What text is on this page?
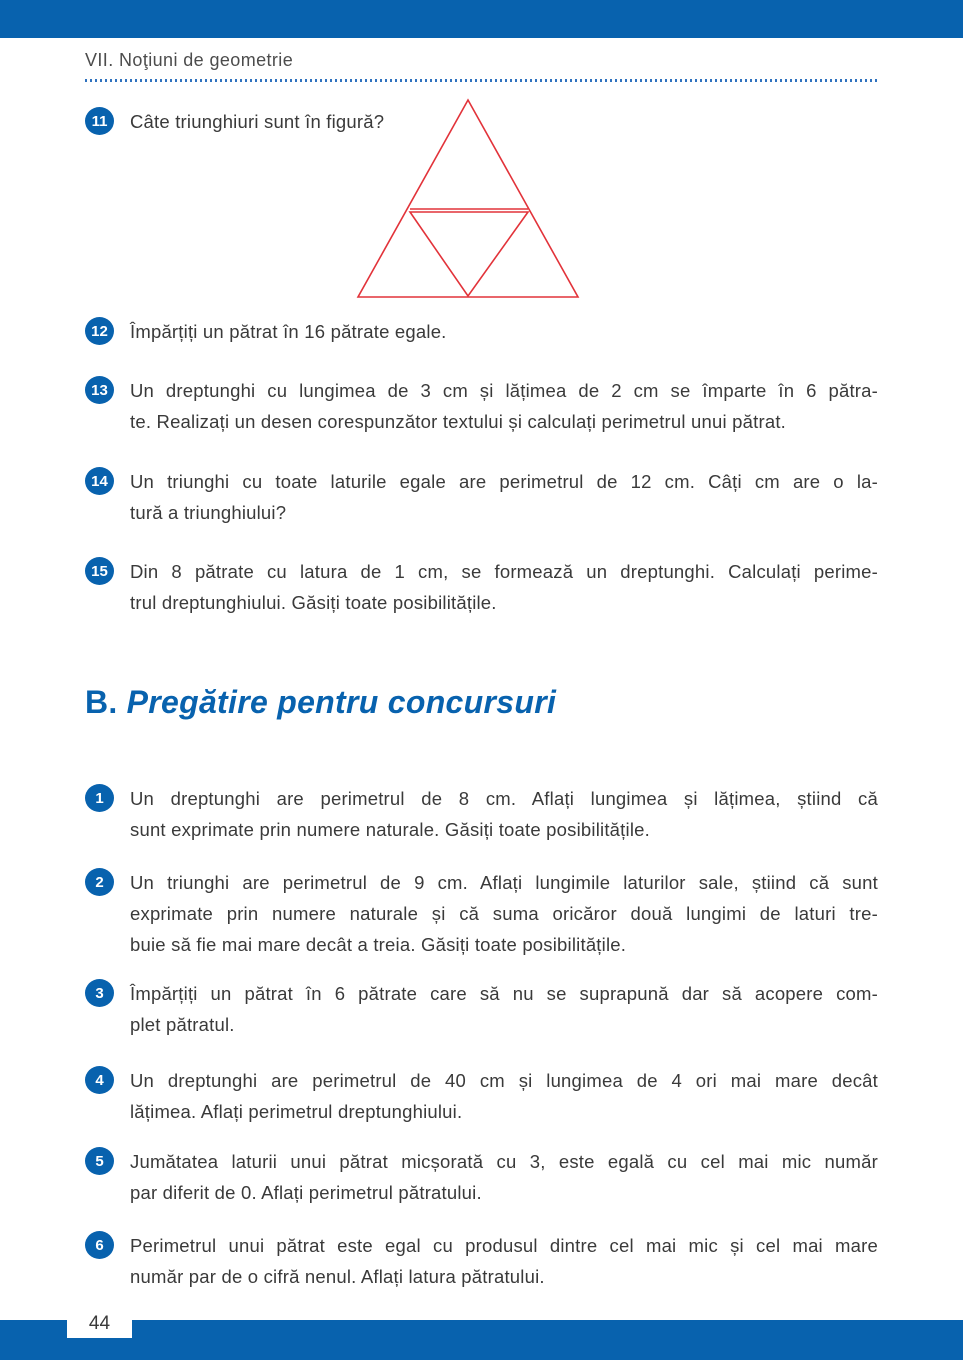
VII. Noţiuni de geometrie
11 Câte triunghiuri sunt în figură?
12 Împărțiți un pătrat în 16 pătrate egale.
13 Un dreptunghi cu lungimea de 3 cm și lățimea de 2 cm se împarte în 6 pătra-
te. Realizați un desen corespunzător textului și calculați perimetrul unui pătrat.
14 Un triunghi cu toate laturile egale are perimetrul de 12 cm. Câți cm are o la-
tură a triunghiului?
15 Din 8 pătrate cu latura de 1 cm, se formează un dreptunghi. Calculați perime-
trul dreptunghiului. Găsiți toate posibilitățile.
B. Pregătire pentru concursuri
1 Un dreptunghi are perimetrul de 8 cm. Aflați lungimea și lățimea, știind că
sunt exprimate prin numere naturale. Găsiți toate posibilitățile.
2 Un triunghi are perimetrul de 9 cm. Aflați lungimile laturilor sale, știind că sunt
exprimate prin numere naturale și că suma oricăror două lungimi de laturi tre-
buie să fie mai mare decât a treia. Găsiți toate posibilitățile.
3 Împărțiți un pătrat în 6 pătrate care să nu se suprapună dar să acopere com-
plet pătratul.
4 Un dreptunghi are perimetrul de 40 cm și lungimea de 4 ori mai mare decât
lățimea. Aflați perimetrul dreptunghiului.
5 Jumătatea laturii unui pătrat micșorată cu 3, este egală cu cel mai mic număr
par diferit de 0. Aflați perimetrul pătratului.
6 Perimetrul unui pătrat este egal cu produsul dintre cel mai mic și cel mai mare
număr par de o cifră nenul. Aflați latura pătratului.
44
